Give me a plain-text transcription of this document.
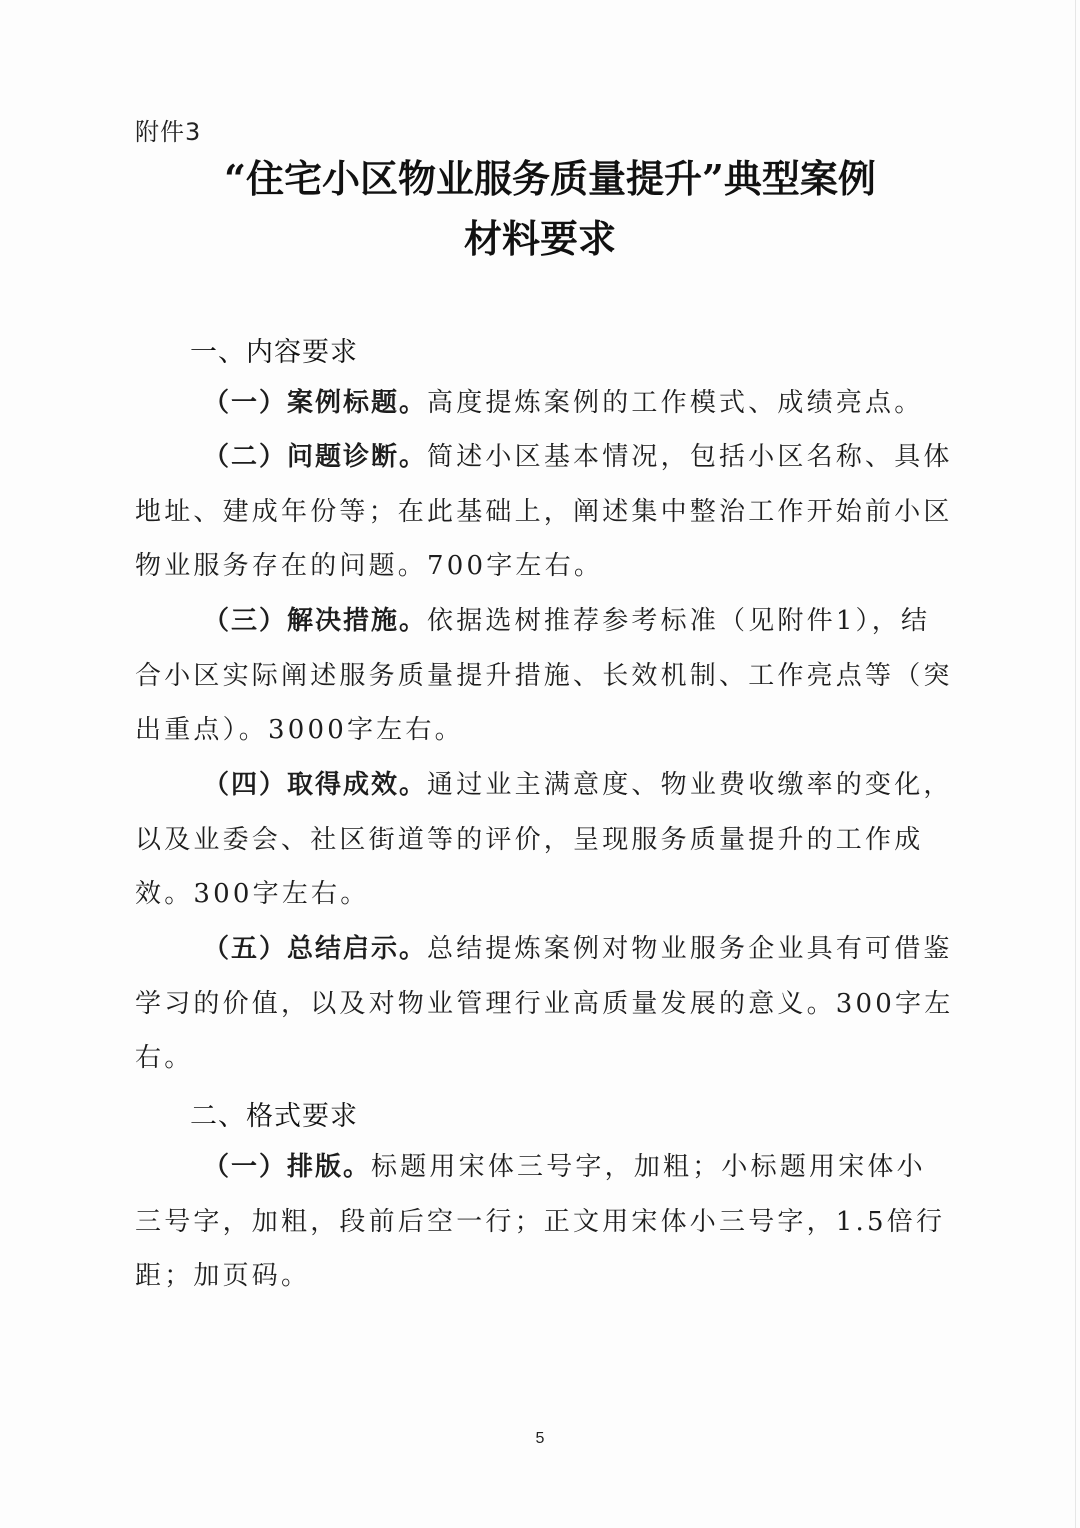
附件3
“住宅小区物业服务质量提升”典型案例
材料要求
一、内容要求

（一）案例标题。高度提炼案例的工作模式、成绩亮点。

（二）问题诊断。简述小区基本情况，包括小区名称、具体地址、建成年份等；在此基础上，阐述集中整治工作开始前小区物业服务存在的问题。700字左右。

（三）解决措施。依据选树推荐参考标准（见附件1），结合小区实际阐述服务质量提升措施、长效机制、工作亮点等（突出重点）。3000字左右。

（四）取得成效。通过业主满意度、物业费收缴率的变化，以及业委会、社区街道等的评价，呈现服务质量提升的工作成效。300字左右。

（五）总结启示。总结提炼案例对物业服务企业具有可借鉴学习的价值，以及对物业管理行业高质量发展的意义。300字左右。

二、格式要求

（一）排版。标题用宋体三号字，加粗；小标题用宋体小三号字，加粗，段前后空一行；正文用宋体小三号字，1.5倍行距；加页码。

5
